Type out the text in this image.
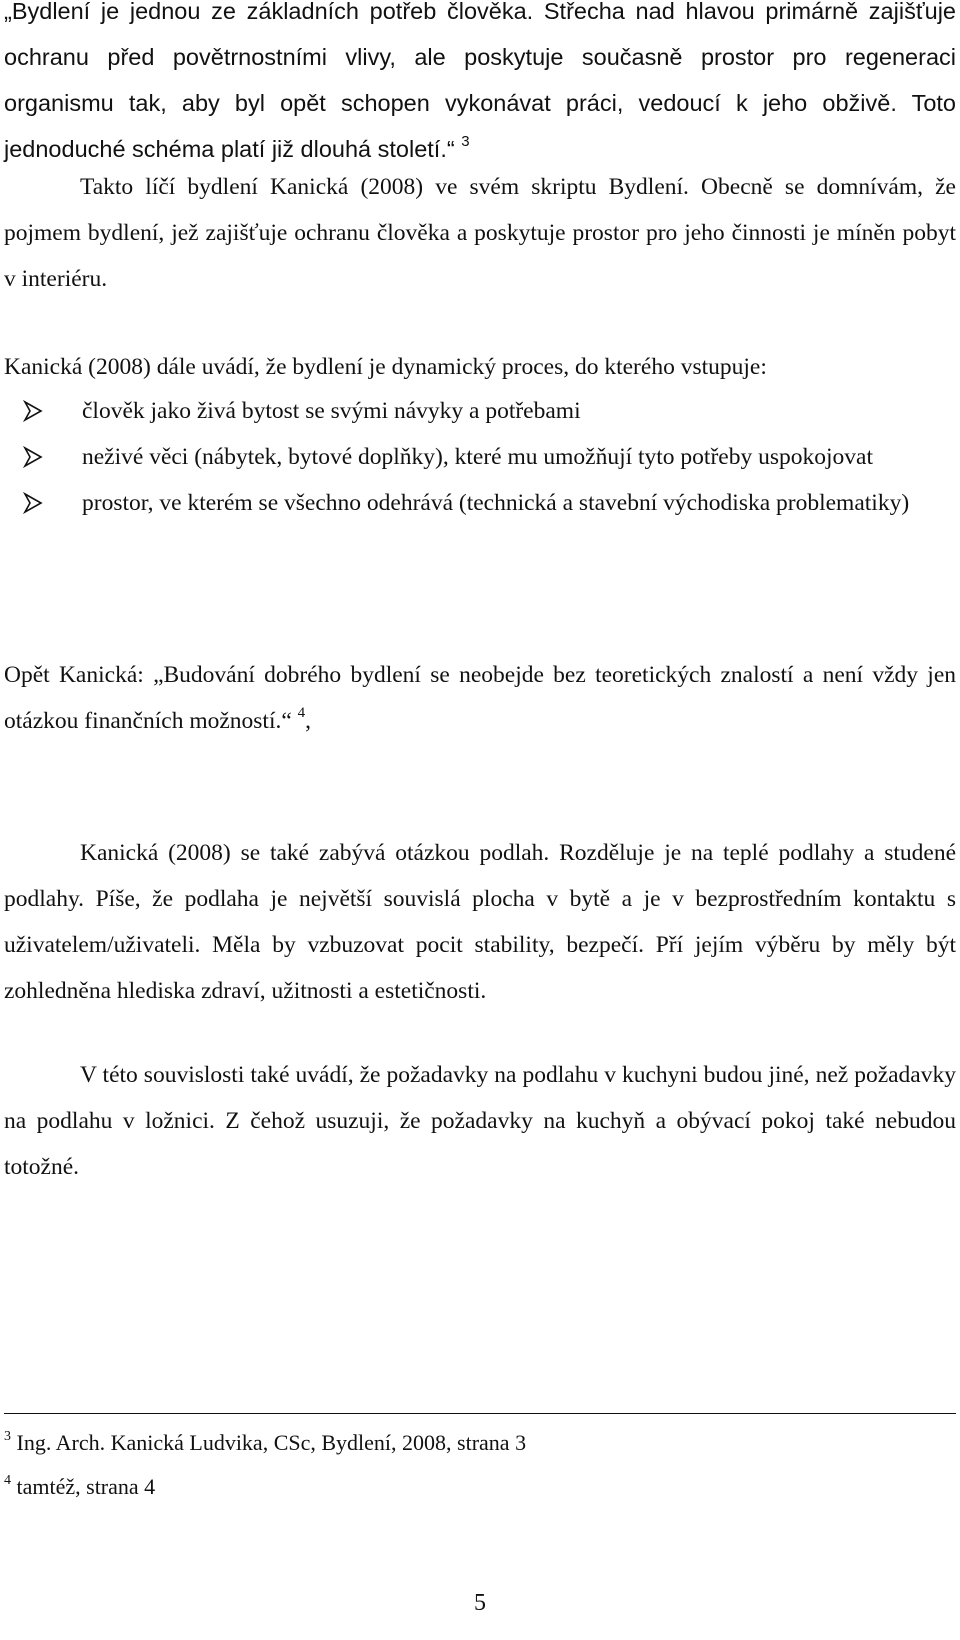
„Bydlení je jednou ze základních potřeb člověka. Střecha nad hlavou primárně zajišťuje ochranu před povětrnostními vlivy, ale poskytuje současně prostor pro regeneraci organismu tak, aby byl opět schopen vykonávat práci, vedoucí k jeho obživě. Toto jednoduché schéma platí již dlouhá století.“ $^3$

Takto líčí bydlení Kanická (2008) ve svém skriptu Bydlení. Obecně se domnívám, že pojmem bydlení, jež zajišťuje ochranu člověka a poskytuje prostor pro jeho činnosti je míněn pobyt v interiéru.

Kanická (2008) dále uvádí, že bydlení je dynamický proces, do kterého vstupuje:

člověk jako živá bytost se svými návyky a potřebami
neživé věci (nábytek, bytové doplňky), které mu umožňují tyto potřeby uspokojovat
prostor, ve kterém se všechno odehrává (technická a stavební východiska problematiky)

Opět Kanická: „Budování dobrého bydlení se neobejde bez teoretických znalostí a není vždy jen otázkou finančních možností.“ $^4$,

Kanická (2008) se také zabývá otázkou podlah. Rozděluje je na teplé podlahy a studené podlahy. Píše, že podlaha je největší souvislá plocha v bytě a je v bezprostředním kontaktu s uživatelem/uživateli. Měla by vzbuzovat pocit stability, bezpečí. Pří jejím výběru by měly být zohledněna hlediska zdraví, užitnosti a estetičnosti.

V této souvislosti také uvádí, že požadavky na podlahu v kuchyni budou jiné, než požadavky na podlahu v ložnici. Z čehož usuzuji, že požadavky na kuchyň a obývací pokoj také nebudou totožné.

$^3$ Ing. Arch. Kanická Ludvika, CSc, Bydlení, 2008, strana 3
$^4$ tamtéž, strana 4
5
